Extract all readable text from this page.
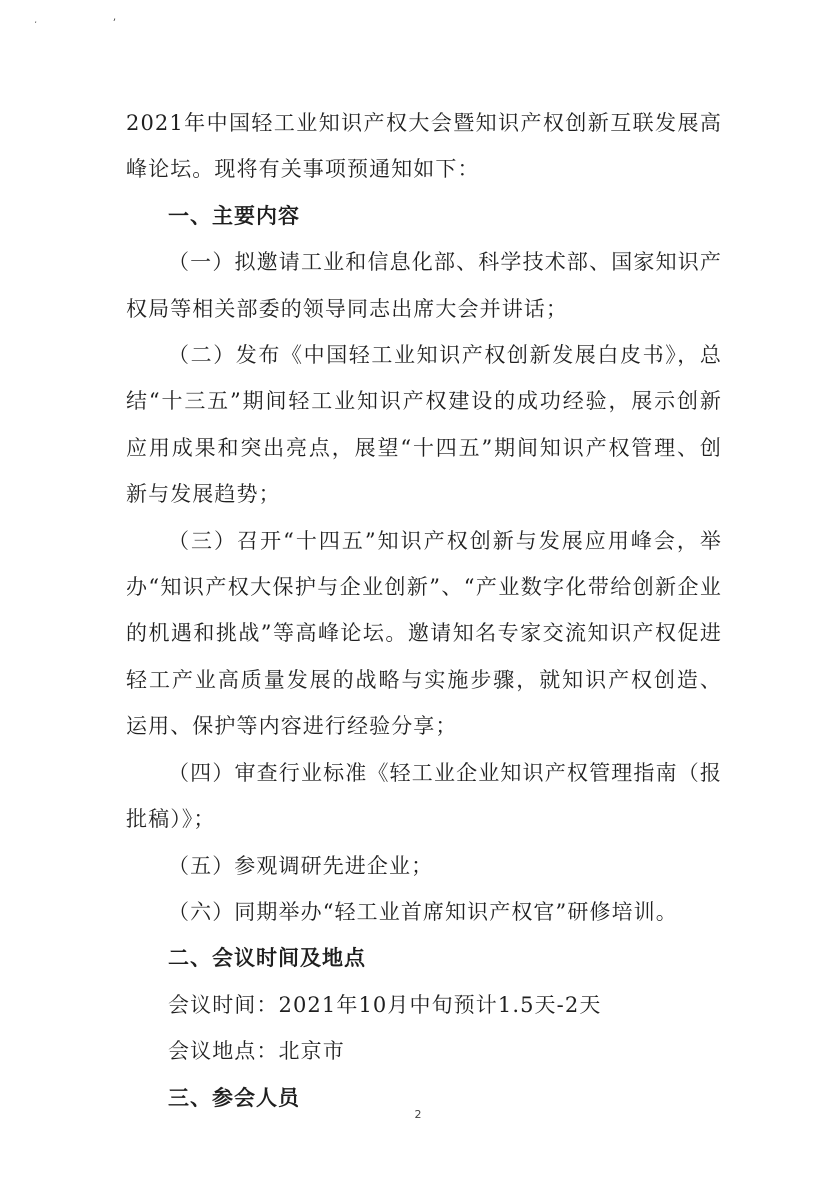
ˑ ʼ

2021年中国轻工业知识产权大会暨知识产权创新互联发展高峰论坛。现将有关事项预通知如下：

一、主要内容

（一）拟邀请工业和信息化部、科学技术部、国家知识产权局等相关部委的领导同志出席大会并讲话；

（二）发布《中国轻工业知识产权创新发展白皮书》，总结“十三五”期间轻工业知识产权建设的成功经验，展示创新应用成果和突出亮点，展望“十四五”期间知识产权管理、创新与发展趋势；

（三）召开“十四五”知识产权创新与发展应用峰会，举办“知识产权大保护与企业创新”、“产业数字化带给创新企业的机遇和挑战”等高峰论坛。邀请知名专家交流知识产权促进轻工产业高质量发展的战略与实施步骤，就知识产权创造、运用、保护等内容进行经验分享；

（四）审查行业标准《轻工业企业知识产权管理指南（报批稿）》；

（五）参观调研先进企业；

（六）同期举办“轻工业首席知识产权官”研修培训。

二、会议时间及地点

会议时间：2021年10月中旬预计1.5天-2天

会议地点：北京市

三、参会人员

2
